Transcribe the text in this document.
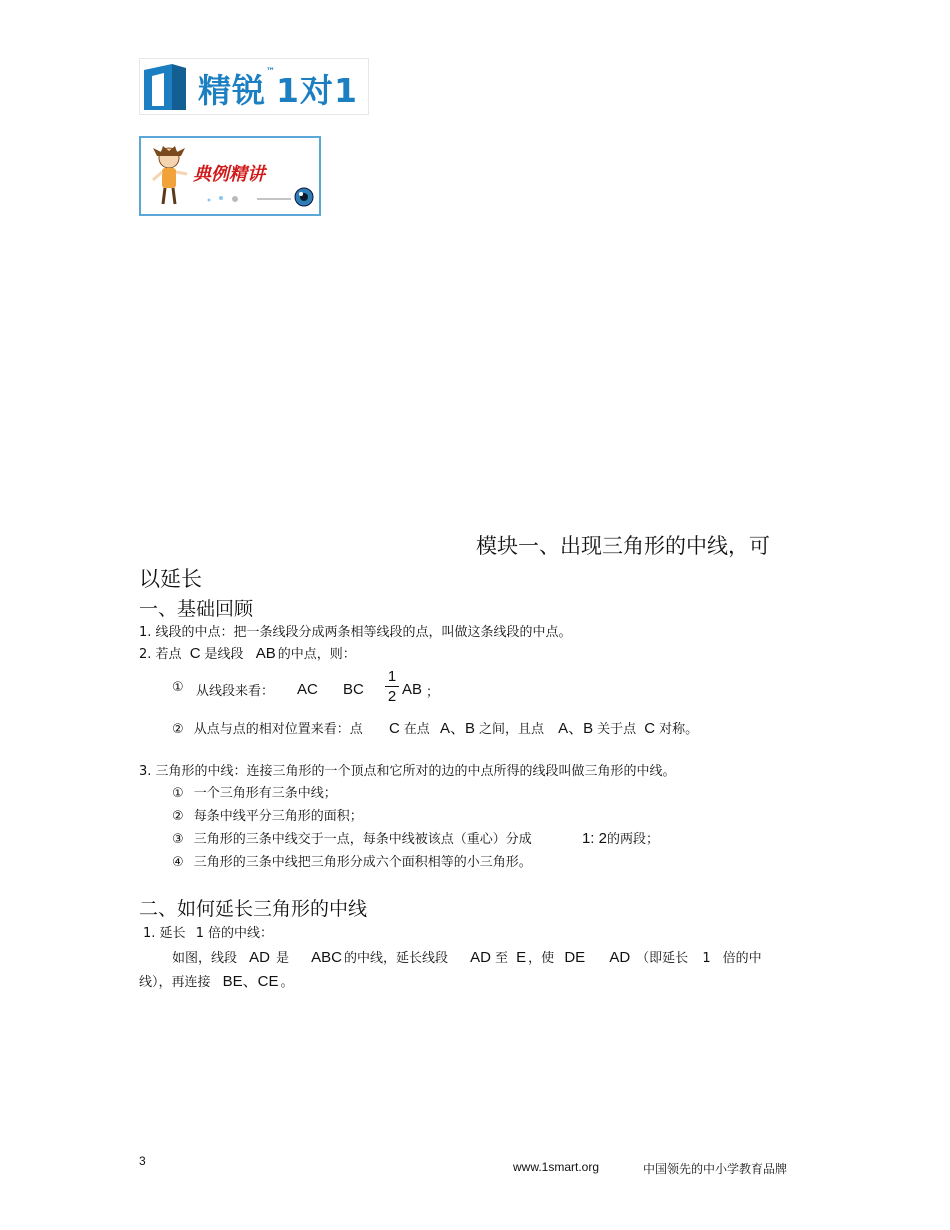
精锐™1对1
典例精讲
模块一、出现三角形的中线，可
以延长
一、基础回顾
1. 线段的中点：把一条线段分成两条相等线段的点，叫做这条线段的中点。
2. 若点 C 是线段 AB 的中点，则：
① 从线段来看： AC BC
1
2 AB ；
② 从点与点的相对位置来看：点 C 在点 A、B 之间，且点 A、B 关于点 C 对称。
3. 三角形的中线：连接三角形的一个顶点和它所对的边的中点所得的线段叫做三角形的中线。
① 一个三角形有三条中线；
② 每条中线平分三角形的面积；
③ 三角形的三条中线交于一点，每条中线被该点（重心）分成	1: 2的两段；
④ 三角形的三条中线把三角形分成六个面积相等的小三角形。
二、如何延长三角形的中线
1. 延长 1 倍的中线：
如图，线段 AD 是 ABC 的中线，延长线段 AD 至 E ，使 DE AD （即延长 1 倍的中
线），再连接 BE、CE 。
3	www.1smart.org	中国领先的中小学教育品牌
